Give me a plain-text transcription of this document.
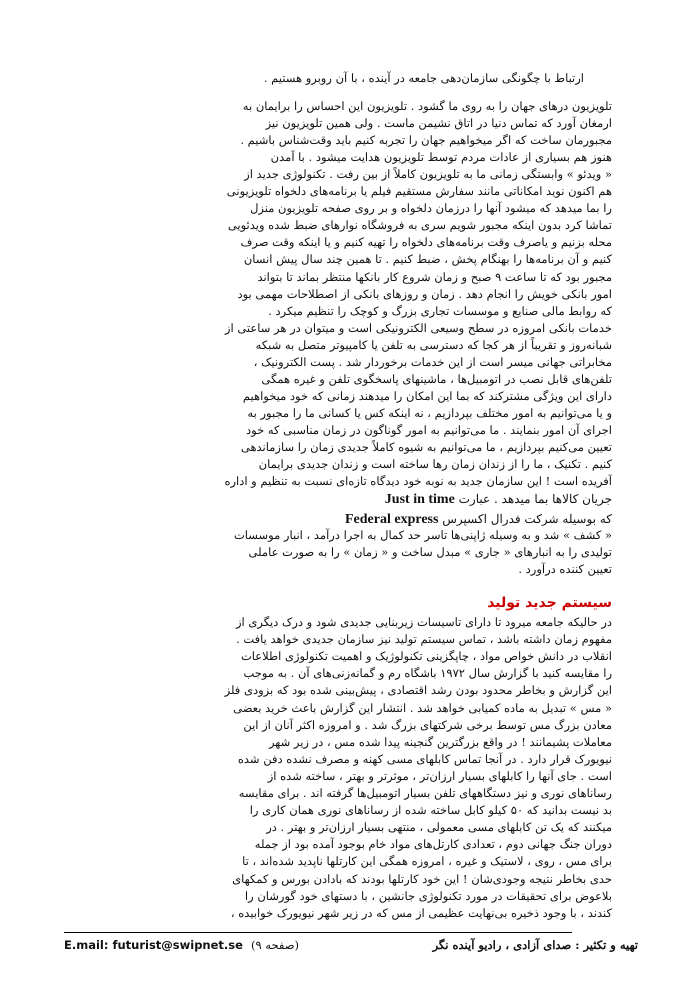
ارتباط با چگونگی سازمان‌دهی جامعه در آینده ، با آن روبرو هستیم .

تلویزیون درهای جهان را به روی ما گشود . تلویزیون این احساس را برایمان به

ارمغان آورد که تماس دنیا در اتاق نشیمن ماست . ولی همین تلویزیون نیز

مجبورمان ساخت که اگر میخواهیم جهان را تجربه کنیم باید وقت‌شناس باشیم .

هنوز هم بسیاری از عادات مردم توسط تلویزیون هدایت میشود . با آمدن

« ویدئو » وابستگی زمانی ما به تلویزیون کاملاً از بین رفت . تکنولوژی جدید از

هم اکنون نوید امکاناتی مانند سفارش مستقیم فیلم یا برنامه‌های دلخواه تلویزیونی

را بما میدهد که میشود آنها را درزمان دلخواه و بر روی صفحه تلویزیون منزل

تماشا کرد بدون اینکه مجبور شویم سری به فروشگاه نوارهای ضبط شده ویدئویی

محله بزنیم و یاصرف وقت برنامه‌های دلخواه را تهیه کنیم و یا اینکه وقت صرف

کنیم و آن برنامه‌ها را بهنگام پخش ، ضبط کنیم . تا همین چند سال پیش انسان

مجبور بود که تا ساعت ۹ صبح و زمان شروع کار بانکها منتظر بماند تا بتواند

امور بانکی خویش را انجام دهد . زمان و روزهای بانکی از اصطلاحات مهمی بود

که روابط مالی صنایع و موسسات تجاری بزرگ و کوچک را تنظیم میکرد .

خدمات بانکی امروزه در سطح وسیعی الکترونیکی است و میتوان در هر ساعتی از

شبانه‌روز و تقریباً از هر کجا که دسترسی به تلفن یا کامپیوتر متصل به شبکه

مخابراتی جهانی میسر است از این خدمات برخوردار شد . پست الکترونیک ،

تلفن‌های قابل نصب در اتومبیل‌ها ، ماشینهای پاسخگوی تلفن و غیره همگی

دارای این ویژگی مشترکند که بما این امکان را میدهند زمانی که خود میخواهیم

و یا می‌توانیم به امور مختلف بپردازیم ، نه اینکه کس یا کسانی ما را مجبور به

اجرای آن امور بنمایند . ما می‌توانیم به امور گوناگون در زمان مناسبی که خود

تعیین می‌کنیم بپردازیم ، ما می‌توانیم به شیوه کاملاً جدیدی زمان را سازماندهی

کنیم . تکنیک ، ما را از زندان زمان رها ساخته است و زندان جدیدی برایمان

آفریده است ! این سازمان جدید به نوبه خود دیدگاه تازه‌ای نسبت به تنظیم و اداره

جریان کالاها بما میدهد . عبارت Just in time

که بوسیله شرکت فدرال اکسپرس Federal express

« کشف » شد و به وسیله ژاپنی‌ها تاسر حد کمال به اجرا درآمد ، انبار موسسات

تولیدی را به انبارهای « جاری » مبدل ساخت و « زمان » را به صورت عاملی

تعیین کننده درآورد .

سیستم جدید تولید

در حالیکه جامعه میرود تا دارای تاسیسات زیربنایی جدیدی شود و درک دیگری از

مفهوم زمان داشته باشد ، تماس سیستم تولید نیز سازمان جدیدی خواهد یافت .

انقلاب در دانش خواص مواد ، چاپگزینی تکنولوژیک و اهمیت تکنولوژی اطلاعات

را مقایسه کنید با گزارش سال ۱۹۷۲ باشگاه رم و گمانه‌زنی‌های آن . به موجب

این گزارش و بخاطر محدود بودن رشد اقتصادی ، پیش‌بینی شده بود که بزودی فلز

« مس » تبدیل به ماده کمیابی خواهد شد . انتشار این گزارش باعث خرید بعضی

معادن بزرگ مس توسط برخی شرکتهای بزرگ شد . و امروزه اکثر آنان از این

معاملات پشیمانند ! در واقع بزرگترین گنجینه پیدا شده مس ، در زیر شهر

نیویورک قرار دارد . در آنجا تماس کابلهای مسی کهنه و مصرف نشده دفن شده

است . جای آنها را کابلهای بسیار ارزان‌تر ، موثرتر و بهتر ، ساخته شده از

رسانا‌های نوری و نیز دستگاههای تلفن بسیار اتومبیل‌ها گرفته اند . برای مقایسه

بد نیست بدانید که ۵۰ کیلو کابل ساخته شده از رسانا‌های نوری همان کاری را

میکنند که یک تن کابلهای مسی معمولی ، منتهی بسیار ارزان‌تر و بهتر . در

دوران جنگ جهانی دوم ، تعدادی کارتل‌های مواد خام بوجود آمده بود از جمله

برای مس ، روی ، لاستیک و غیره ، امروزه همگی این کارتلها ناپدید شده‌اند ، تا

حدی بخاطر نتیجه وجودی‌شان ! این خود کارتلها بودند که بادادن بورس و کمکهای

بلاعوض برای تحقیقات در مورد تکنولوژی جانشین ، با دستهای خود گورشان را

کندند ، با وجود ذخیره بی‌نهایت عظیمی از مس که در زیر شهر نیویورک خوابیده ،

E.mail: futurist@swipnet.se (صفحه ۹)	تهیه و تکثیر : صدای آزادی ، رادیو آینده نگر
